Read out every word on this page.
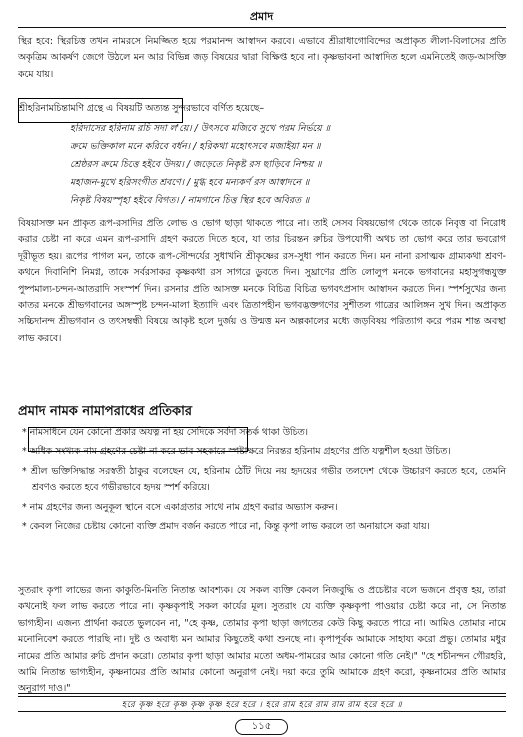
প্রমাদ

স্থির হবে: স্থিরচিত্ত তখন নামরসে নিমজ্জিত হয়ে পরমানন্দ আস্বাদন করবে। এভাবে শ্রীরাধাগোবিন্দের অপ্রাকৃত লীলা-বিলাসের প্রতি অকৃত্রিম আকর্ষণ জেগে উঠলে মন আর বিভিন্ন জড় বিষয়ের দ্বারা বিক্ষিপ্ত হবে না। কৃষ্ণভাবনা আস্বাদিত হলে এমনিতেই জড়-আসক্তি কমে যায়।

শ্রীহরিনামচিন্তামণি গ্রন্থে এ বিষয়টি অত্যন্ত সুন্দরভাবে বর্ণিত হয়েছে–

হরিদাসের হরিনাম রচি সদা ল'য়ে। / উৎসবে মজিবে সুখে পরম নির্ভয়ে ॥

ক্রমে ভক্তিকাল মনে করিবে বর্ধন। / হরিকথা মহোৎসবে মজাইয়া মন ॥

শ্রেষ্ঠরস ক্রমে চিত্তে হইবে উদয়। / জড়েতে নিকৃষ্ট রস ছাড়িবে নিশ্চয় ॥

মহাজন-মুখে হরিসংগীত শ্রবণে। / মুগ্ধ হবে মন্যকর্ণ রস আস্বাদনে ॥

নিকৃষ্ট বিষয়স্পৃহা হইবে বিগত। / নামগানে চিত্ত স্থির হবে অবিরত ॥

বিষয়াসক্ত মন প্রাকৃত রূপ-রসাদির প্রতি লোভ ও ভোগ ছাড়া থাকতে পারে না। তাই সেসব বিষয়ভোগ থেকে তাকে নিবৃত্ত বা নিরোধ করার চেষ্টা না করে এমন রূপ-রসাদি গ্রহণ করতে দিতে হবে, যা তার চিরন্তন রুচির উপযোগী অথচ তা ভোগ করে তার ভবরোগ দূরীভূত হয়। রূপের পাগল মন, তাকে রূপ-সৌন্দর্যের সুধাখনি শ্রীকৃষ্ণের রস-সুধা পান করতে দিন। মন নানা রসাত্মক গ্রাম্যকথা শ্রবণ-কথনে দিবানিশি নিমগ্ন, তাকে সর্বরসাকর কৃষ্ণকথা রস সাগরে ডুবতে দিন। সুঘ্রাণের প্রতি লোলুপ মনকে ভগবানের মহাসুগন্ধযুক্ত পুষ্পমাল্য-চন্দন-আতরাদি সংস্পর্শ দিন। রসনার প্রতি আসক্ত মনকে বিচিত্র বিচিত্র ভগবৎপ্রসাদ আস্বাদন করতে দিন। স্পর্শসুখের জন্য কাতর মনকে শ্রীভগবানের অঙ্গস্পৃষ্ট চন্দন-মালা ইত্যাদি এবং ত্রিতাপহীন ভগবদ্ভক্তগণের সুশীতল গাত্রের আলিঙ্গন সুখ দিন। অপ্রাকৃত সচ্চিদানন্দ শ্রীভগবান ও তৎসম্বন্ধী বিষয়ে আকৃষ্ট হলে দুর্জয় ও উন্মত্ত মন অল্পকালের মধ্যে জড়বিষয় পরিত্যাগ করে পরম শান্ত অবস্থা লাভ করবে।

প্রমাদ নামক নামাপরাধের প্রতিকার
* নামসাধনে যেন কোনো প্রকার অযত্ন না হয় সেদিকে সর্বদা সতর্ক থাকা উচিত।
* অধিক সংখ্যক নাম গ্রহণের চেষ্টা না করে ভাব সহকারে স্পষ্টাক্ষরে নিরন্তর হরিনাম গ্রহণের প্রতি যত্নশীল হওয়া উচিত।
* শ্রীল ভক্তিসিদ্ধান্ত সরস্বতী ঠাকুর বলেছেন যে, হরিনাম ঠোঁট দিয়ে নয় হৃদয়ের গভীর তলদেশ থেকে উচ্চারণ করতে হবে, তেমনি শ্রবণও করতে হবে গভীরভাবে হৃদয় স্পর্শ করিয়ে।
* নাম গ্রহণের জন্য অনুকূল স্থানে বসে একাগ্রতার সাথে নাম গ্রহণ করার অভ্যাস করুন।
* কেবল নিজের চেষ্টায় কোনো ব্যক্তি প্রমাদ বর্জন করতে পারে না, কিন্তু কৃপা লাভ করলে তা অনায়াসে করা যায়।

সুতরাং কৃপা লাভের জন্য কাকুতি-মিনতি নিতান্ত আবশ্যক। যে সকল ব্যক্তি কেবল নিজবুদ্ধি ও প্রচেষ্টার বলে ভজনে প্রবৃত্ত হয়, তারা কখনোই ফল লাভ করতে পারে না। কৃষ্ণকৃপাই সকল কার্যের মূল। সুতরাং যে ব্যক্তি কৃষ্ণকৃপা পাওয়ার চেষ্টা করে না, সে নিতান্ত ভাগ্যহীন। এজন্য প্রার্থনা করতে ভুলবেন না, "হে কৃষ্ণ, তোমার কৃপা ছাড়া জগতের কেউ কিছু করতে পারে না। আমিও তোমার নামে মনোনিবেশ করতে পারছি না। দুষ্ট ও অবাধ্য মন আমার কিছুতেই কথা শুনছে না। কৃপাপূর্বক আমাকে সাহায্য করো প্রভু। তোমার মধুর নামের প্রতি আমার রুচি প্রদান করো। তোমার কৃপা ছাড়া আমার মতো অধম-পামরের আর কোনো গতি নেই।" "হে শচীনন্দন গৌরহরি, আমি নিতান্ত ভাগ্যহীন, কৃষ্ণনামের প্রতি আমার কোনো অনুরাগ নেই। দয়া করে তুমি আমাকে গ্রহণ করো, কৃষ্ণনামের প্রতি আমার অনুরাগ দাও।"

হরে কৃষ্ণ হরে কৃষ্ণ কৃষ্ণ কৃষ্ণ হরে হরে । হরে রাম হরে রাম রাম রাম হরে হরে ॥
১১৫
